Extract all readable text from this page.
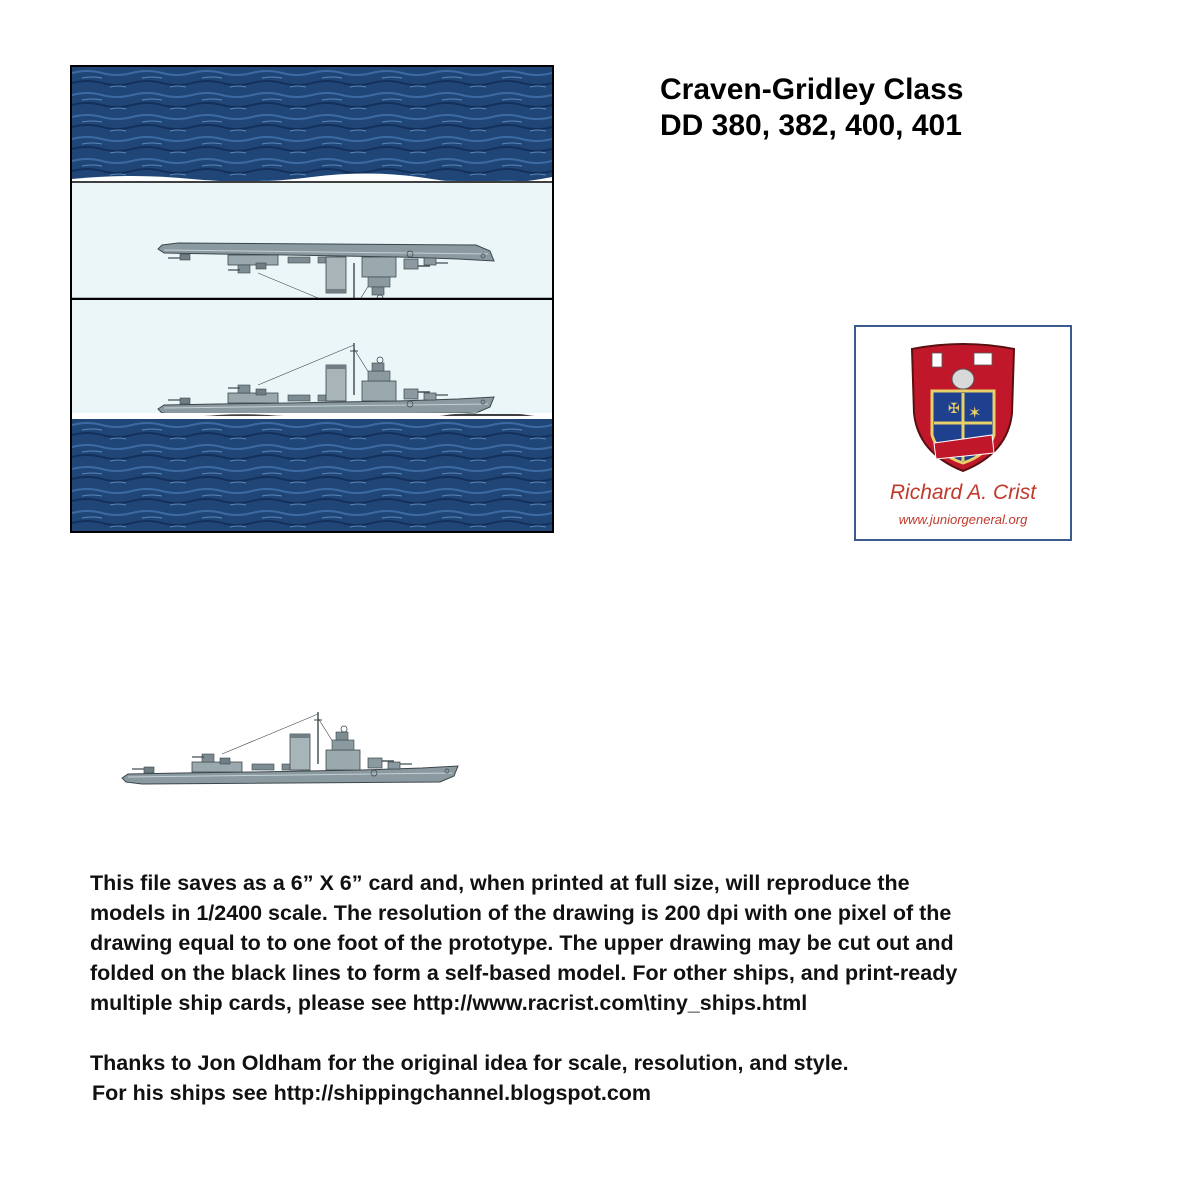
Craven-Gridley Class
DD 380, 382, 400, 401
✠ ✶
Richard A. Crist
www.juniorgeneral.org
This file saves as a 6” X 6” card and, when printed at full size, will reproduce the
models in 1/2400 scale. The resolution of the drawing is 200 dpi with one pixel of the
drawing equal to to one foot of the prototype. The upper drawing may be cut out and
folded on the black lines to form a self-based model. For other ships, and print-ready
multiple ship cards, please see http://www.racrist.com\tiny_ships.html
Thanks to Jon Oldham for the original idea for scale, resolution, and style.
For his ships see http://shippingchannel.blogspot.com
